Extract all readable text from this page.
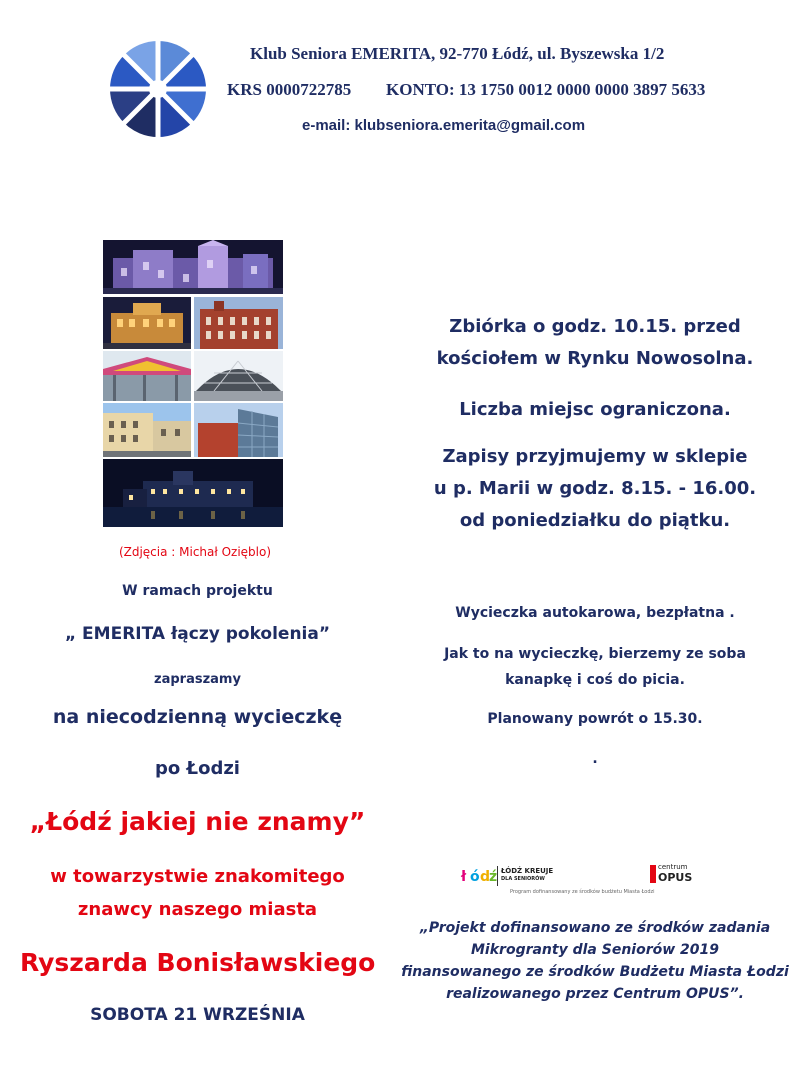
Klub Seniora EMERITA, 92-770 Łódź, ul. Byszewska 1/2
KRS 0000722785 KONTO: 13 1750 0012 0000 0000 3897 5633
e-mail: klubseniora.emerita@gmail.com
(Zdjęcia : Michał Ozięblo)
W ramach projektu
„ EMERITA łączy pokolenia”
zapraszamy
na niecodzienną wycieczkę
po Łodzi
„Łódź jakiej nie znamy”
w towarzystwie znakomitego
znawcy naszego miasta
Ryszarda Bonisławskiego
SOBOTA 21 WRZEŚNIA
Zbiórka o godz. 10.15. przed
kościołem w Rynku Nowosolna.
Liczba miejsc ograniczona.
Zapisy przyjmujemy w sklepie
u p. Marii w godz. 8.15. - 16.00.
od poniedziałku do piątku.
Wycieczka autokarowa, bezpłatna .
Jak to na wycieczkę, bierzemy ze soba
kanapkę i coś do picia.
Planowany powrót o 15.30.
.
ł ó d
ź ŁÓDŹ KREUJE
DLA SENIORÓW
centrum
OPUS
Program dofinansowany ze środków budżetu Miasta Łodzi
„Projekt dofinansowano ze środków zadania
Mikrogranty dla Seniorów 2019
finansowanego ze środków Budżetu Miasta Łodzi
realizowanego przez Centrum OPUS”.
